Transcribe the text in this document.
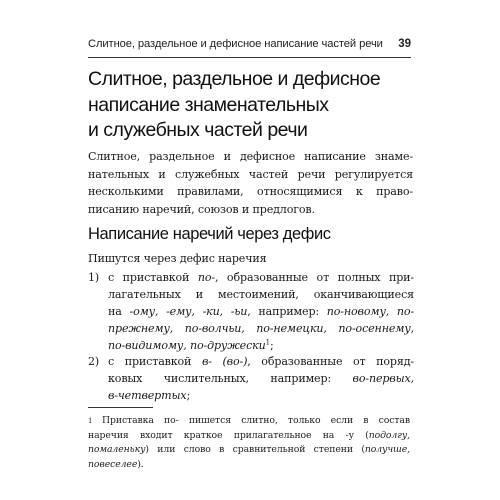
Слитное, раздельное и дефисное написание частей речи 39
Слитное, раздельное и дефисное
написание знаменательных
и служебных частей речи
Слитное, раздельное и дефисное написание знаме-
нательных и служебных частей речи регулируется
несколькими правилами, относящимися к право-
писанию наречий, союзов и предлогов.
Написание наречий через дефис
Пишутся через дефис наречия
1) с приставкой по-, образованные от полных при-
лагательных и местоимений, оканчивающиеся
на -ому, -ему, -ки, -ьи, например: по-новому, по-
прежнему, по-волчьи, по-немецки, по-осеннему,
по-видимому, по-дружески$^1$;
2) с приставкой в- (во-), образованные от поряд-
ковых числительных, например: во-первых,
в-четвертых;
1	Приставка по- пишется слитно, только если в состав
наречия входит краткое прилагательное на -у (подолгу,
помаленьку) или слово в сравнительной степени (получше,
повеселее).
